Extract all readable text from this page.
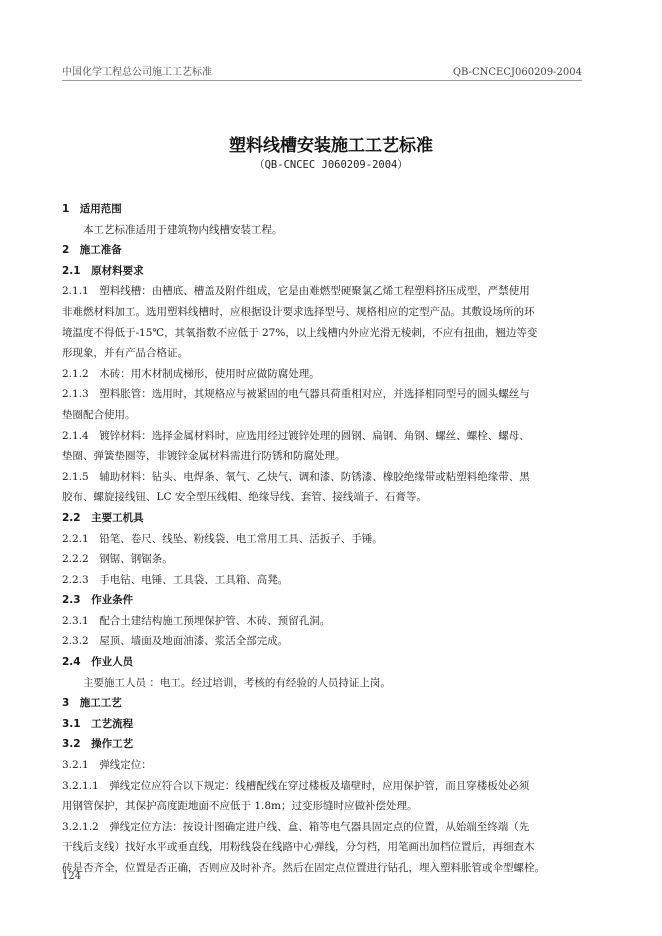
中国化学工程总公司施工工艺标准	QB-CNCECJ060209-2004
塑料线槽安装施工工艺标准
（QB-CNCEC J060209-2004）
1　适用范围
本工艺标准适用于建筑物内线槽安装工程。
2　施工准备
2.1　原材料要求
2.1.1　塑料线槽：由槽底、槽盖及附件组成，它是由难燃型硬聚氯乙烯工程塑料挤压成型，严禁使用
非难燃材料加工。选用塑料线槽时，应根据设计要求选择型号、规格相应的定型产品。其敷设场所的环
境温度不得低于-15℃，其氧指数不应低于 27%，以上线槽内外应光滑无棱刺，不应有扭曲，翘边等变
形现象，并有产品合格证。
2.1.2　木砖：用木材制成梯形，使用时应做防腐处理。
2.1.3　塑料胀管：选用时，其规格应与被紧固的电气器具荷重相对应，并选择相同型号的圆头螺丝与
垫圈配合使用。
2.1.4　镀锌材料：选择金属材料时，应选用经过镀锌处理的圆钢、扁钢、角钢、螺丝、螺栓、螺母、
垫圈、弹簧垫圈等，非镀锌金属材料需进行防锈和防腐处理。
2.1.5　辅助材料：钻头、电焊条、氧气、乙炔气、调和漆、防锈漆、橡胶绝缘带或粘塑料绝缘带、黑
胶布、螺旋接线钮、LC 安全型压线帽、绝缘导线、套管、接线端子、石膏等。
2.2　主要工机具
2.2.1　铅笔、卷尺、线坠、粉线袋、电工常用工具、活扳子、手锤。
2.2.2　钢锯、钢锯条。
2.2.3　手电钻、电锤、工具袋、工具箱、高凳。
2.3　作业条件
2.3.1　配合土建结构施工预埋保护管、木砖、预留孔洞。
2.3.2　屋顶、墙面及地面油漆、浆活全部完成。
2.4　作业人员
主要施工人员 ：电工。经过培训，考核的有经验的人员持证上岗。
3　施工工艺
3.1　工艺流程
3.2　操作工艺
3.2.1　弹线定位：
3.2.1.1　弹线定位应符合以下规定：线槽配线在穿过楼板及墙壁时，应用保护管，而且穿楼板处必须
用钢管保护，其保护高度距地面不应低于 1.8m；过变形缝时应做补偿处理。
3.2.1.2　弹线定位方法：按设计图确定进户线、盒、箱等电气器具固定点的位置，从始端至终端（先
干线后支线）找好水平或垂直线，用粉线袋在线路中心弹线，分匀档，用笔画出加档位置后，再细查木
砖是否齐全，位置是否正确，否则应及时补齐。然后在固定点位置进行钻孔，埋入塑料胀管或伞型螺栓。
124
